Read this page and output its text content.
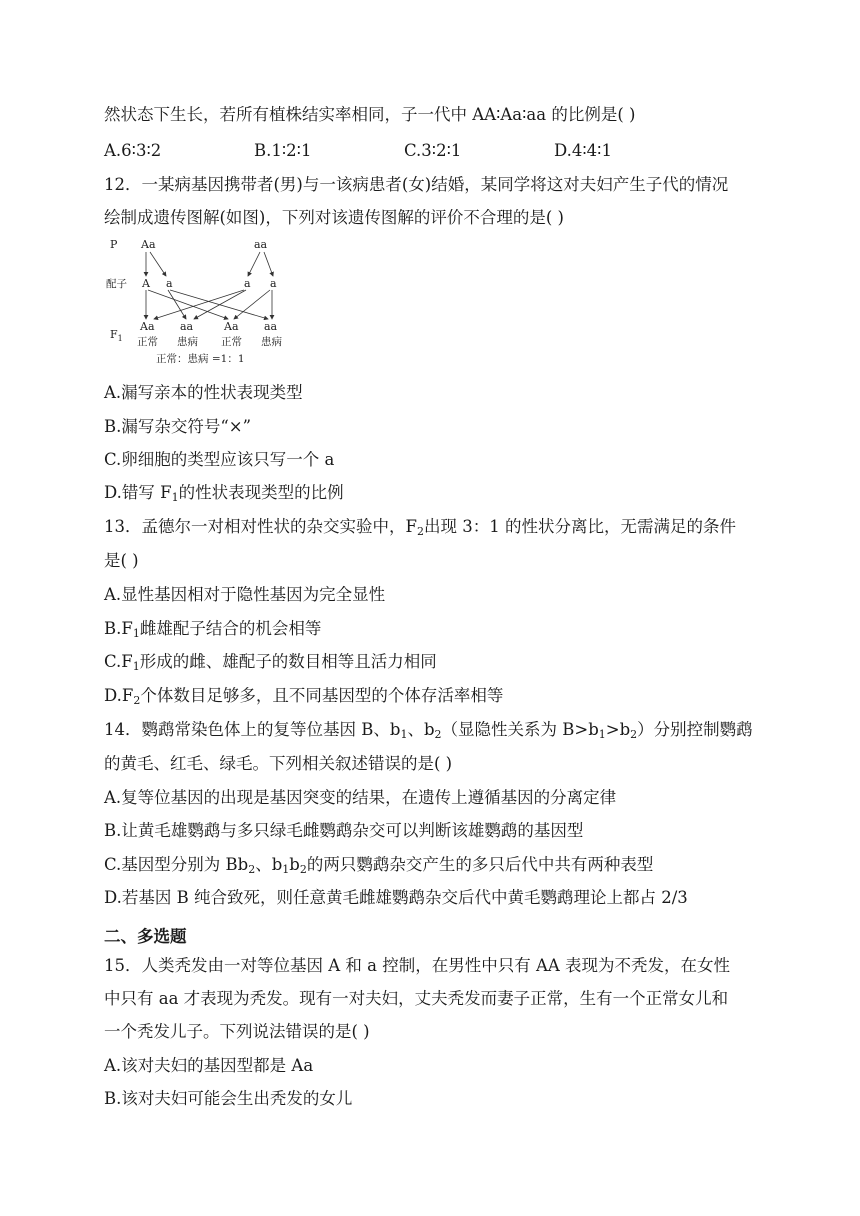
然状态下生长，若所有植株结实率相同，子一代中 AA∶Aa∶aa 的比例是( )
A.6∶3∶2	B.1∶2∶1	C.3∶2∶1	D.4∶4∶1
12．一某病基因携带者(男)与一该病患者(女)结婚，某同学将这对夫妇产生子代的情况
绘制成遗传图解(如图)，下列对该遗传图解的评价不合理的是( )
P Aa	aa
配子 A a	a a
$F_1$
Aa aa	Aa aa
正常 患病 正常 患病
正常：患病 =1：1
A.漏写亲本的性状表现类型
B.漏写杂交符号“×”
C.卵细胞的类型应该只写一个 a
D.错写 $F_1$的性状表现类型的比例
13．孟德尔一对相对性状的杂交实验中，$F_2$出现 3：1 的性状分离比，无需满足的条件
是( )
A.显性基因相对于隐性基因为完全显性
$B.F_1$雌雄配子结合的机会相等
$C.F_1$形成的雌、雄配子的数目相等且活力相同
$D.F_2$个体数目足够多，且不同基因型的个体存活率相等
14．鹦鹉常染色体上的复等位基因 B、$b_1$、$b_2$（显隐性关系为 $B>b_1>b_2$）分别控制鹦鹉
的黄毛、红毛、绿毛。下列相关叙述错误的是( )
A.复等位基因的出现是基因突变的结果，在遗传上遵循基因的分离定律
B.让黄毛雄鹦鹉与多只绿毛雌鹦鹉杂交可以判断该雄鹦鹉的基因型
C.基因型分别为 $Bb_2$、$b_1b_2$的两只鹦鹉杂交产生的多只后代中共有两种表型
D.若基因 B 纯合致死，则任意黄毛雌雄鹦鹉杂交后代中黄毛鹦鹉理论上都占 2/3
二、多选题
15．人类秃发由一对等位基因 A 和 a 控制，在男性中只有 AA 表现为不秃发，在女性
中只有 aa 才表现为秃发。现有一对夫妇，丈夫秃发而妻子正常，生有一个正常女儿和
一个秃发儿子。下列说法错误的是( )
A.该对夫妇的基因型都是 Aa
B.该对夫妇可能会生出秃发的女儿
